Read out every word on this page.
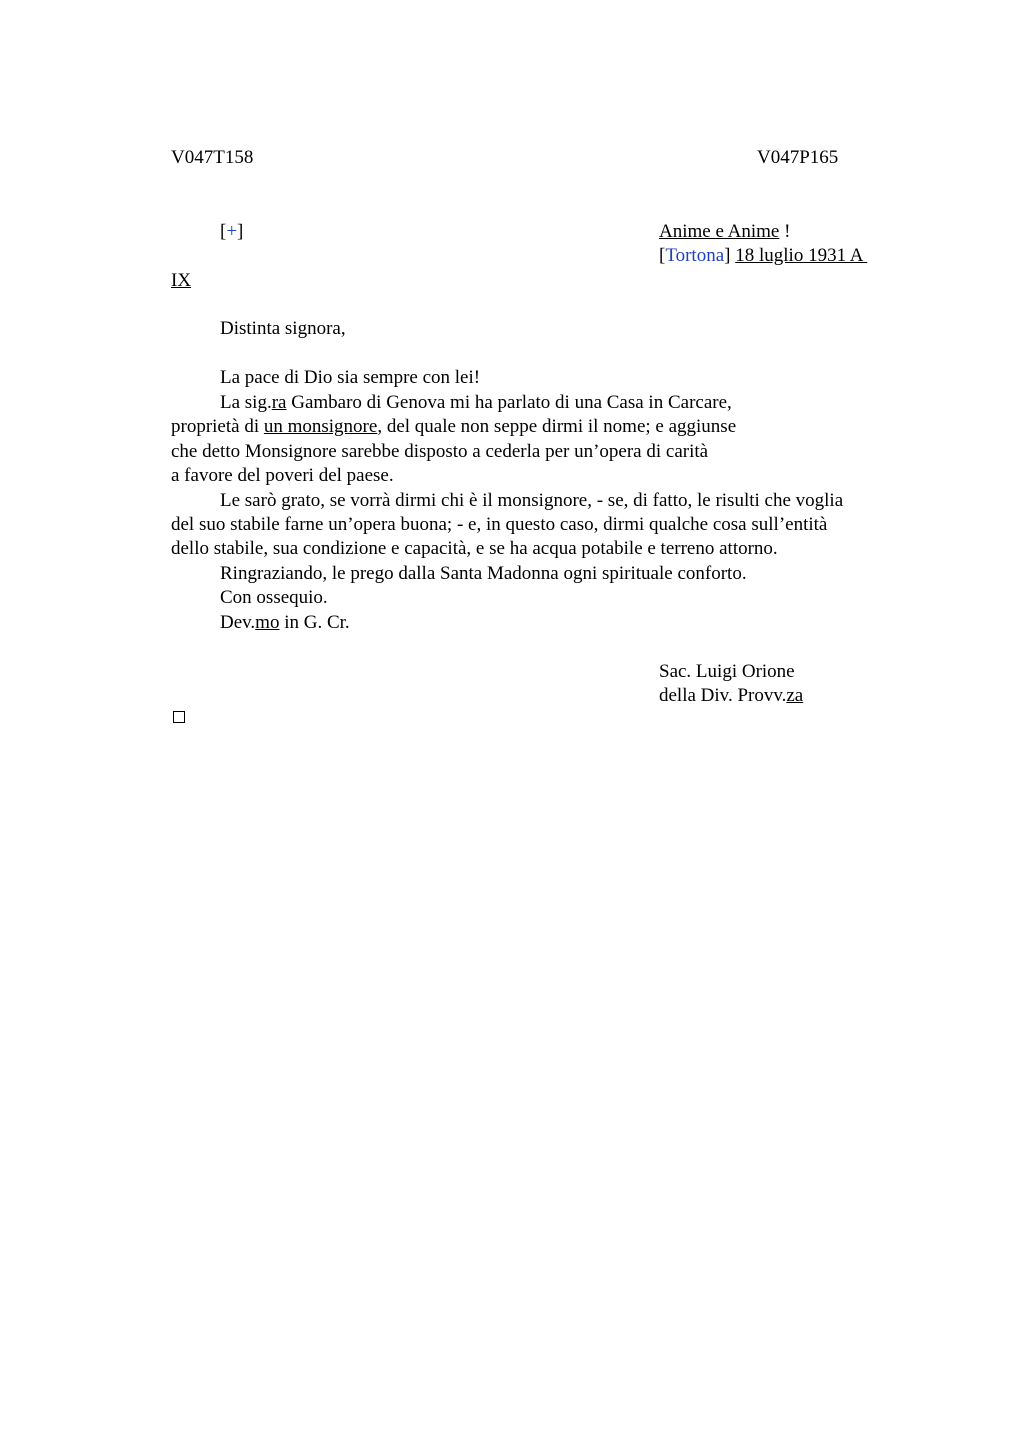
V047T158	V047P165
[+]	Anime e Anime !
[Tortona] 18 luglio 1931 A
IX
Distinta signora,
La pace di Dio sia sempre con lei!
La sig.ra Gambaro di Genova mi ha parlato di una Casa in Carcare,
proprietà di un monsignore, del quale non seppe dirmi il nome; e aggiunse
che detto Monsignore sarebbe disposto a cederla per un’opera di carità
a favore del poveri del paese.
Le sarò grato, se vorrà dirmi chi è il monsignore, - se, di fatto, le risulti che voglia
del suo stabile farne un’opera buona; - e, in questo caso, dirmi qualche cosa sull’entità
dello stabile, sua condizione e capacità, e se ha acqua potabile e terreno attorno.
Ringraziando, le prego dalla Santa Madonna ogni spirituale conforto.
Con ossequio.
Dev.mo in G. Cr.
Sac. Luigi Orione
della Div. Provv.za
